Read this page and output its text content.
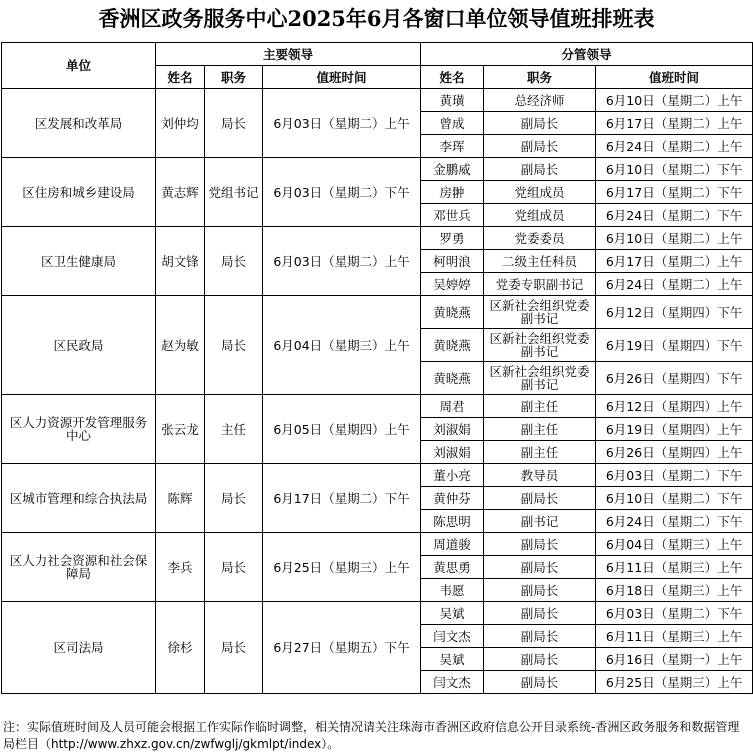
香洲区政务服务中心2025年6月各窗口单位领导值班排班表
单位	主要领导			分管领导		
	姓名	职务	值班时间	姓名	职务	值班时间

区发展和改革局	刘仲均	局长	6月03日（星期二）上午	黄璜	总经济师	6月10日（星期二）上午
				曾成	副局长	6月17日（星期二）上午
				李珲	副局长	6月24日（星期二）上午

区住房和城乡建设局	黄志辉	党组书记	6月03日（星期二）下午	金鹏威	副局长	6月10日（星期二）下午
				房翀	党组成员	6月17日（星期二）下午
				邓世兵	党组成员	6月24日（星期二）下午

区卫生健康局	胡文锋	局长	6月03日（星期二）上午	罗勇	党委委员	6月10日（星期二）上午
				柯明浪	二级主任科员	6月17日（星期二）上午
				吴婷婷	党委专职副书记	6月24日（星期二）上午

区民政局	赵为敏	局长	6月04日（星期三）上午	黄晓燕	区新社会组织党委副书记	6月12日（星期四）下午
				黄晓燕	区新社会组织党委副书记	6月19日（星期四）下午
				黄晓燕	区新社会组织党委副书记	6月26日（星期四）下午

区人力资源开发管理服务中心	张云龙	主任	6月05日（星期四）上午	周君	副主任	6月12日（星期四）上午
				刘淑娟	副主任	6月19日（星期四）上午
				刘淑娟	副主任	6月26日（星期四）上午

区城市管理和综合执法局	陈辉	局长	6月17日（星期二）下午	董小亮	教导员	6月03日（星期二）下午
				黄仲芬	副局长	6月10日（星期二）下午
				陈思明	副书记	6月24日（星期二）下午

区人力社会资源和社会保障局	李兵	局长	6月25日（星期三）上午	周道骏	副局长	6月04日（星期三）上午
				黄思勇	副局长	6月11日（星期三）上午
				韦愿	副局长	6月18日（星期三）上午

区司法局	徐杉	局长	6月27日（星期五）下午	吴斌	副局长	6月03日（星期二）下午
				闫文杰	副局长	6月11日（星期三）上午
				吴斌	副局长	6月16日（星期一）上午
				闫文杰	副局长	6月25日（星期三）上午
注：实际值班时间及人员可能会根据工作实际作临时调整，相关情况请关注珠海市香洲区政府信息公开目录系统-香洲区政务服务和数据管理局栏目（http://www.zhxz.gov.cn/zwfwglj/gkmlpt/index）。
